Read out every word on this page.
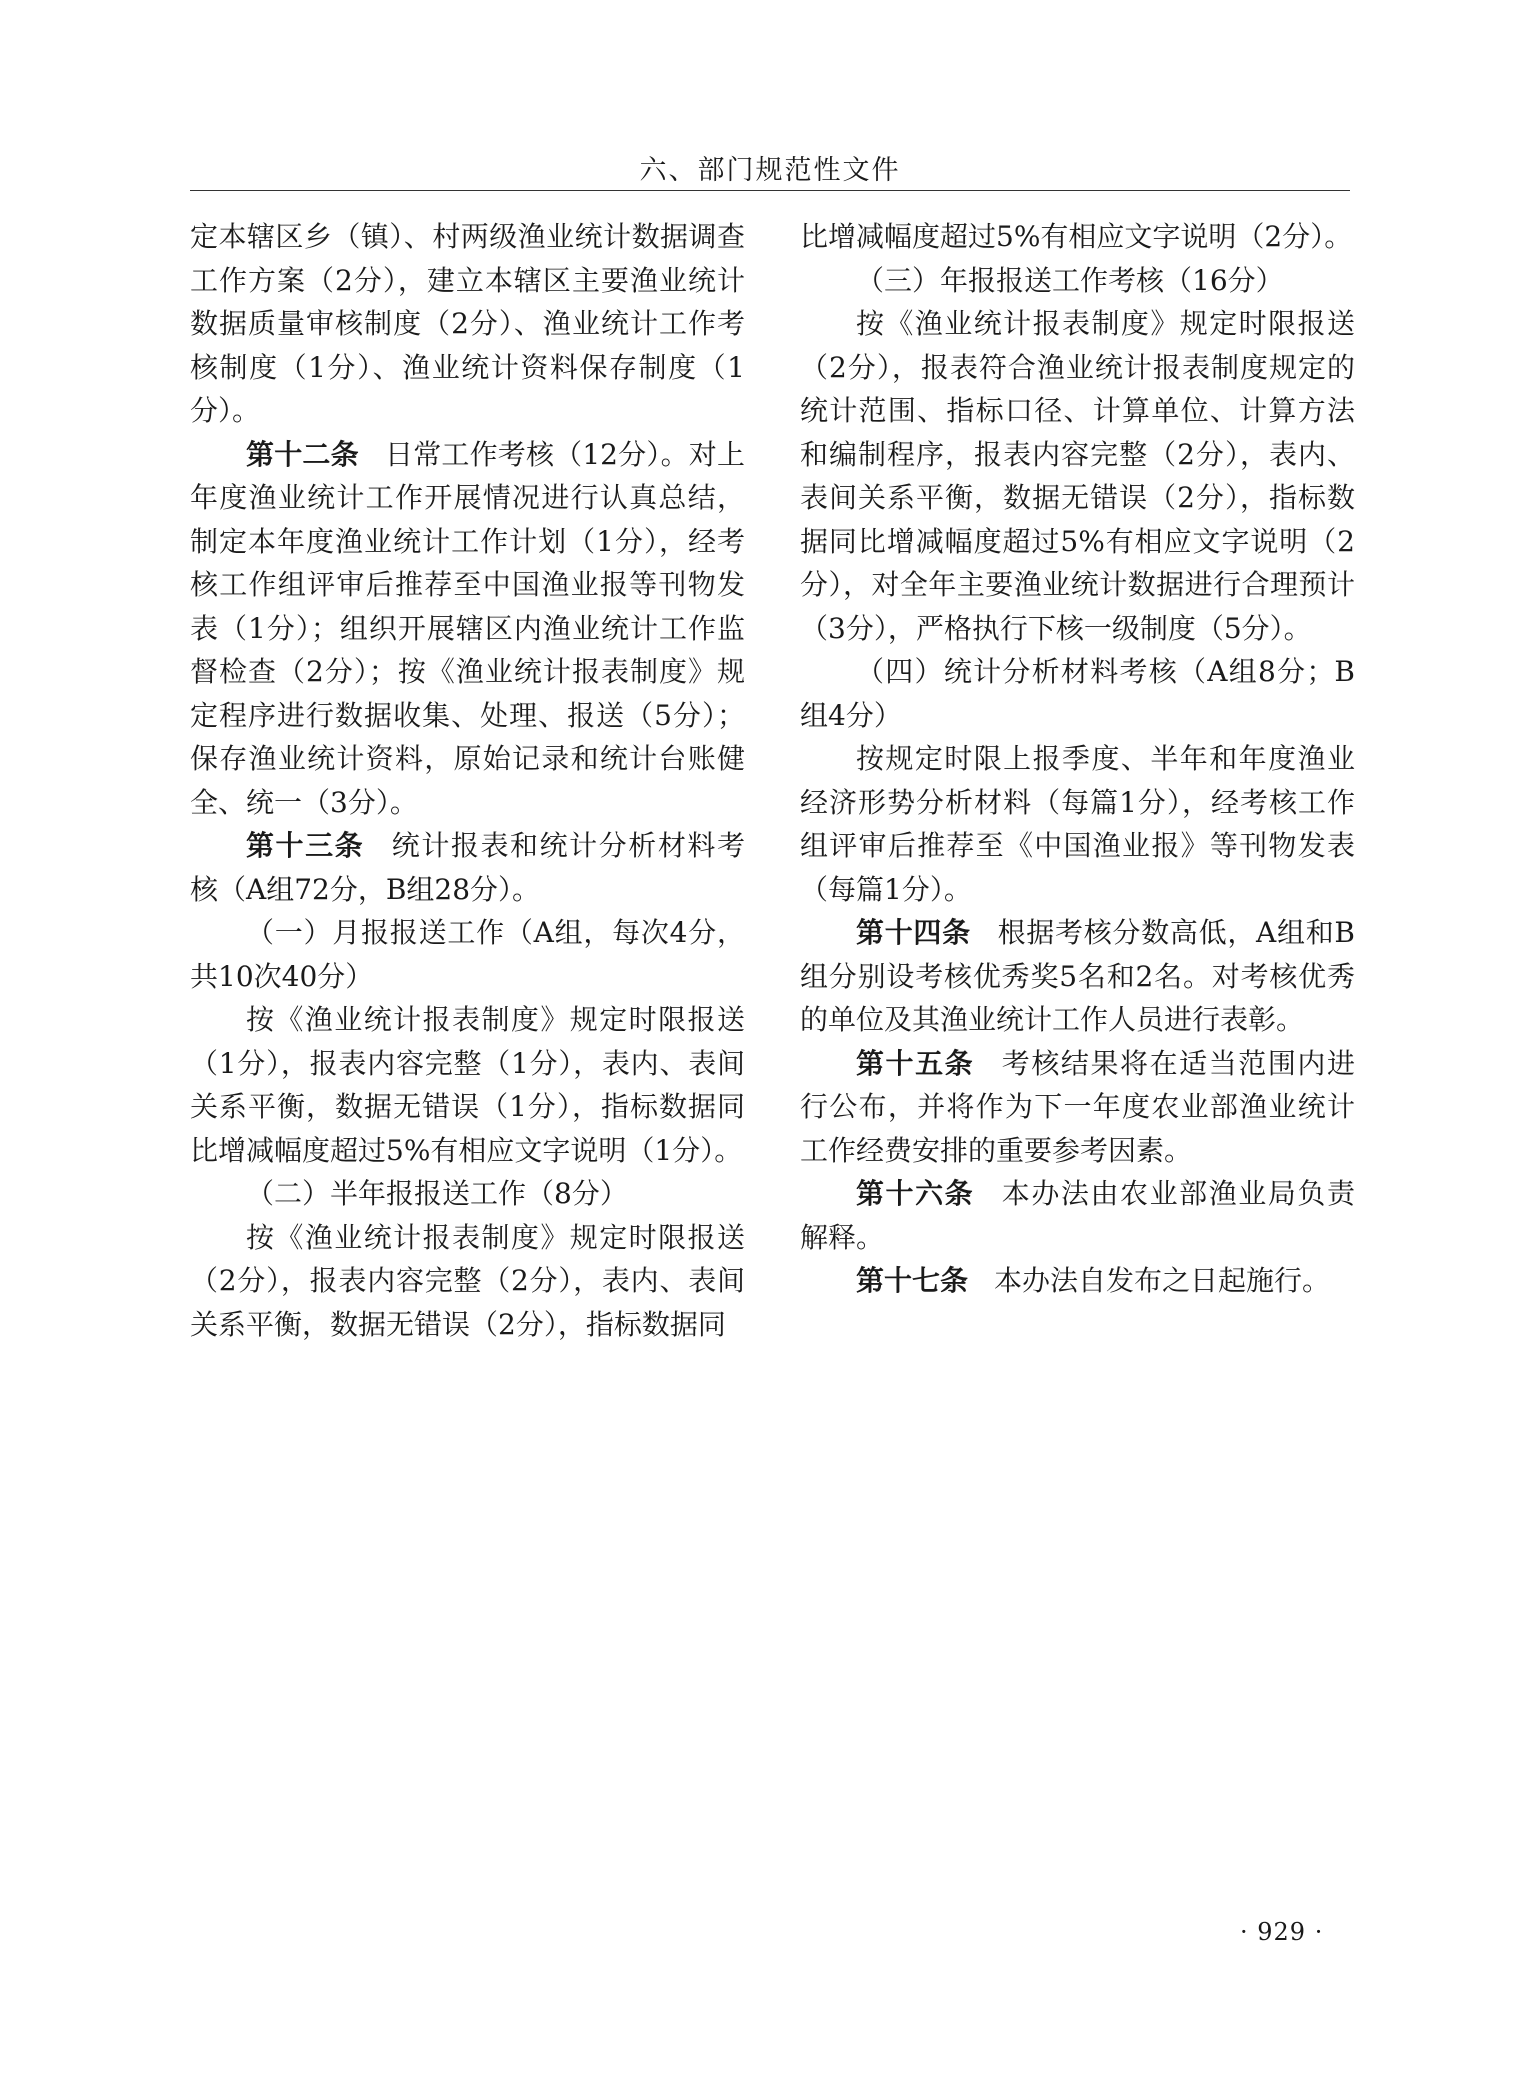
六、部门规范性文件

定本辖区乡（镇）、村两级渔业统计数据调查工作方案（2分），建立本辖区主要渔业统计数据质量审核制度（2分）、渔业统计工作考核制度（1分）、渔业统计资料保存制度（1分）。

第十二条 日常工作考核（12分）。对上年度渔业统计工作开展情况进行认真总结，制定本年度渔业统计工作计划（1分），经考核工作组评审后推荐至中国渔业报等刊物发表（1分）；组织开展辖区内渔业统计工作监督检查（2分）；按《渔业统计报表制度》规定程序进行数据收集、处理、报送（5分）；保存渔业统计资料，原始记录和统计台账健全、统一（3分）。

第十三条 统计报表和统计分析材料考核（A组72分，B组28分）。

（一）月报报送工作（A组，每次4分，共10次40分）

按《渔业统计报表制度》规定时限报送（1分），报表内容完整（1分），表内、表间关系平衡，数据无错误（1分），指标数据同比增减幅度超过5%有相应文字说明（1分）。

（二）半年报报送工作（8分）

按《渔业统计报表制度》规定时限报送（2分），报表内容完整（2分），表内、表间关系平衡，数据无错误（2分），指标数据同

比增减幅度超过5%有相应文字说明（2分）。

（三）年报报送工作考核（16分）

按《渔业统计报表制度》规定时限报送（2分），报表符合渔业统计报表制度规定的统计范围、指标口径、计算单位、计算方法和编制程序，报表内容完整（2分），表内、表间关系平衡，数据无错误（2分），指标数据同比增减幅度超过5%有相应文字说明（2分），对全年主要渔业统计数据进行合理预计（3分），严格执行下核一级制度（5分）。

（四）统计分析材料考核（A组8分；B组4分）

按规定时限上报季度、半年和年度渔业经济形势分析材料（每篇1分），经考核工作组评审后推荐至《中国渔业报》等刊物发表（每篇1分）。

第十四条 根据考核分数高低，A组和B组分别设考核优秀奖5名和2名。对考核优秀的单位及其渔业统计工作人员进行表彰。

第十五条 考核结果将在适当范围内进行公布，并将作为下一年度农业部渔业统计工作经费安排的重要参考因素。

第十六条 本办法由农业部渔业局负责解释。

第十七条 本办法自发布之日起施行。

· 929 ·
